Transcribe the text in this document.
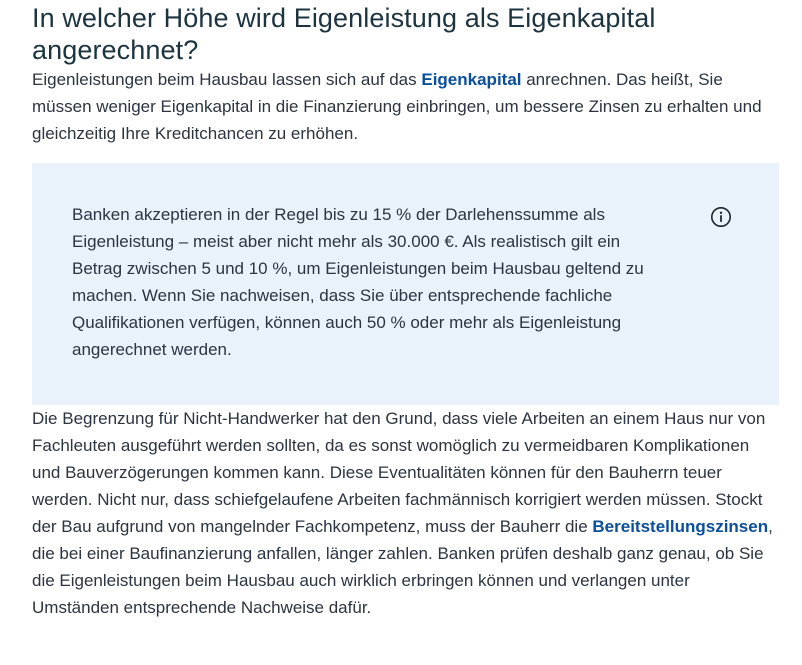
In welcher Höhe wird Eigenleistung als Eigenkapital angerechnet?

Eigenleistungen beim Hausbau lassen sich auf das Eigenkapital anrechnen. Das heißt, Sie müssen weniger Eigenkapital in die Finanzierung einbringen, um bessere Zinsen zu erhalten und gleichzeitig Ihre Kreditchancen zu erhöhen.

Banken akzeptieren in der Regel bis zu 15 % der Darlehenssumme als Eigenleistung – meist aber nicht mehr als 30.000 €. Als realistisch gilt ein Betrag zwischen 5 und 10 %, um Eigenleistungen beim Hausbau geltend zu machen. Wenn Sie nachweisen, dass Sie über entsprechende fachliche Qualifikationen verfügen, können auch 50 % oder mehr als Eigenleistung angerechnet werden.

Die Begrenzung für Nicht-Handwerker hat den Grund, dass viele Arbeiten an einem Haus nur von Fachleuten ausgeführt werden sollten, da es sonst womöglich zu vermeidbaren Komplikationen und Bauverzögerungen kommen kann. Diese Eventualitäten können für den Bauherrn teuer werden. Nicht nur, dass schiefgelaufene Arbeiten fachmännisch korrigiert werden müssen. Stockt der Bau aufgrund von mangelnder Fachkompetenz, muss der Bauherr die Bereitstellungszinsen, die bei einer Baufinanzierung anfallen, länger zahlen. Banken prüfen deshalb ganz genau, ob Sie die Eigenleistungen beim Hausbau auch wirklich erbringen können und verlangen unter Umständen entsprechende Nachweise dafür.
